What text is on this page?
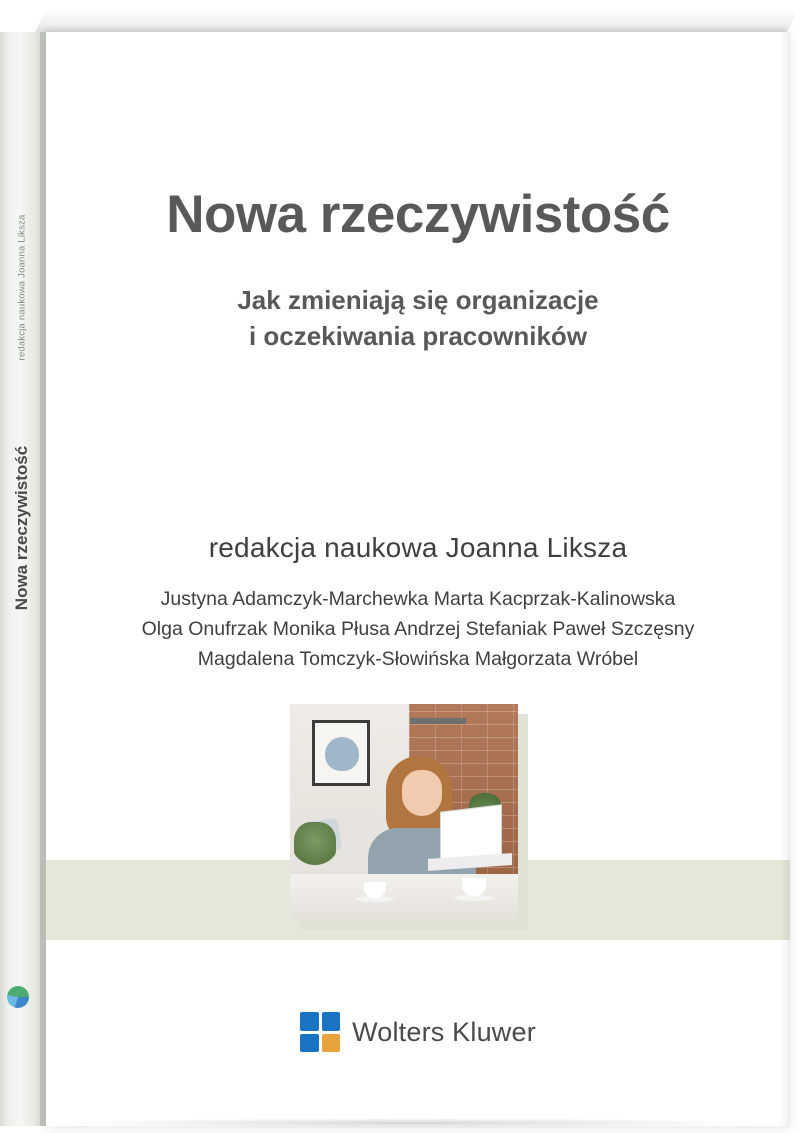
redakcja naukowa Joanna Liksza
Nowa rzeczywistość
Nowa rzeczywistość
Jak zmieniają się organizacje
i oczekiwania pracowników
redakcja naukowa Joanna Liksza
Justyna Adamczyk-Marchewka Marta Kacprzak-Kalinowska
Olga Onufrzak Monika Płusa Andrzej Stefaniak Paweł Szczęsny
Magdalena Tomczyk-Słowińska Małgorzata Wróbel
Wolters Kluwer
